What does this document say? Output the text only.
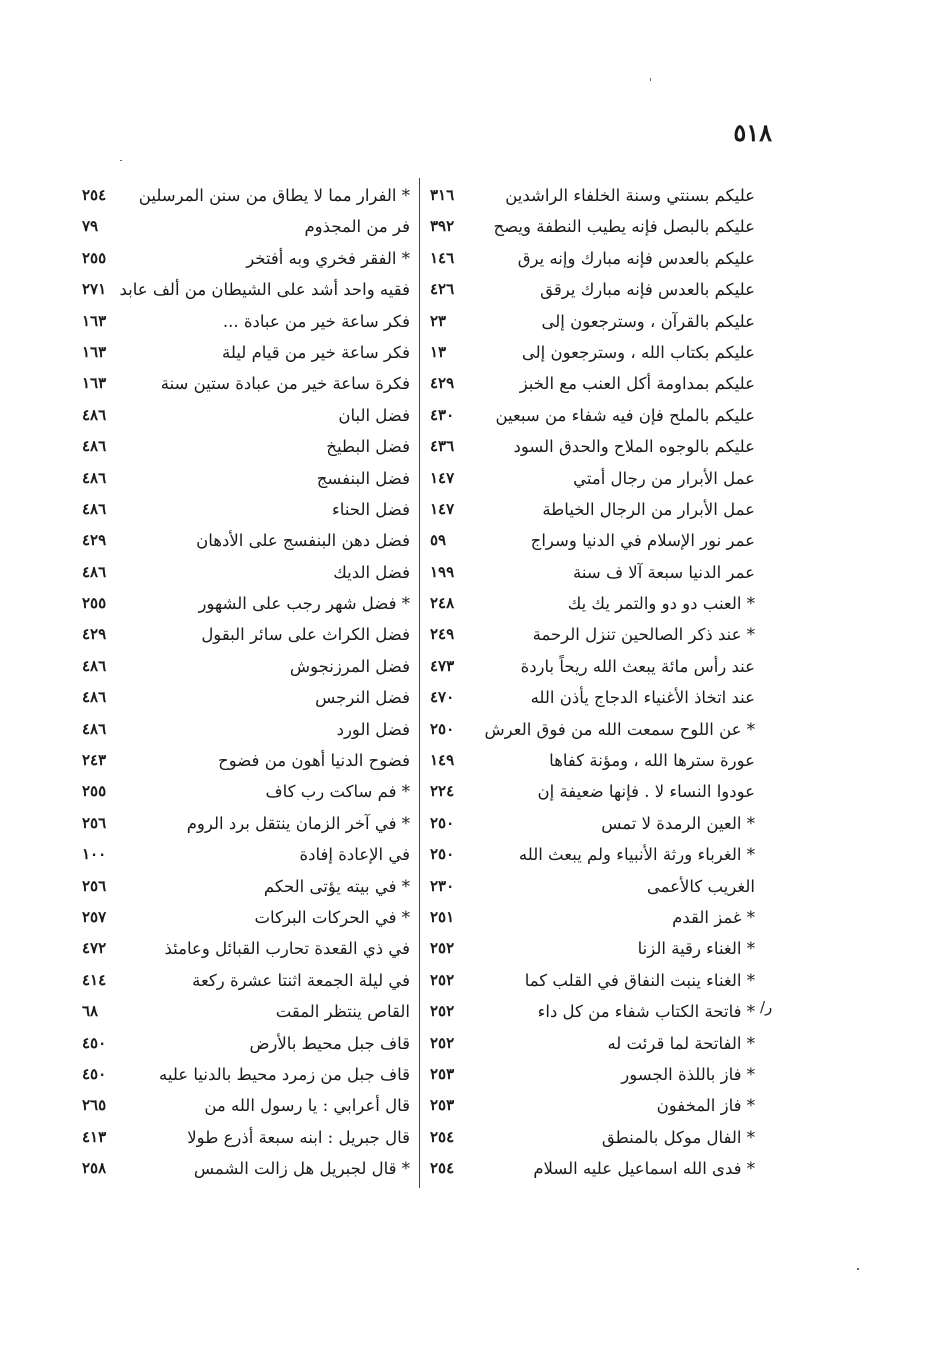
٥١٨
عليكم بسنتي وسنة الخلفاء الراشدين
٣١٦
عليكم بالبصل فإنه يطيب النطفة ويصح
٣٩٢
عليكم بالعدس فإنه مبارك وإنه يرق
١٤٦
عليكم بالعدس فإنه مبارك يرقق
٤٢٦
عليكم بالقرآن ، وسترجعون إلى
٢٣
عليكم بكتاب الله ، وسترجعون إلى
١٣
عليكم بمداومة أكل العنب مع الخبز
٤٢٩
عليكم بالملح فإن فيه شفاء من سبعين
٤٣٠
عليكم بالوجوه الملاح والحدق السود
٤٣٦
عمل الأبرار من رجال أمتي
١٤٧
عمل الأبرار من الرجال الخياطة
١٤٧
عمر نور الإسلام في الدنيا وسراج
٥٩
عمر الدنيا سبعة آلا ف سنة
١٩٩
* العنب دو دو والتمر يك يك
٢٤٨
* عند ذكر الصالحين تنزل الرحمة
٢٤٩
عند رأس مائة يبعث الله ريحاً باردة
٤٧٣
عند اتخاذ الأغنياء الدجاج يأذن الله
٤٧٠
* عن اللوح سمعت الله من فوق العرش
٢٥٠
عورة سترها الله ، ومؤنة كفاها
١٤٩
عودوا النساء لا . فإنها ضعيفة إن
٢٢٤
* العين الرمدة لا تمس
٢٥٠
* الغرباء ورثة الأنبياء ولم يبعث الله
٢٥٠
الغريب كالأعمى
٢٣٠
* غمز القدم
٢٥١
* الغناء رقية الزنا
٢٥٢
* الغناء ينبت النفاق في القلب كما
٢٥٢
* فاتحة الكتاب شفاء من كل داء
٢٥٢
* الفاتحة لما قرئت له
٢٥٢
* فاز باللذة الجسور
٢٥٣
* فاز المخفون
٢٥٣
* الفال موكل بالمنطق
٢٥٤
* فدى الله اسماعيل عليه السلام
٢٥٤
* الفرار مما لا يطاق من سنن المرسلين
٢٥٤
فر من المجذوم
٧٩
* الفقر فخري وبه أفتخر
٢٥٥
فقيه واحد أشد على الشيطان من ألف عابد
٢٧١
فكر ساعة خير من عبادة ...
١٦٣
فكر ساعة خير من قيام ليلة
١٦٣
فكرة ساعة خير من عبادة ستين سنة
١٦٣
فضل البان
٤٨٦
فضل البطيخ
٤٨٦
فضل البنفسج
٤٨٦
فضل الحناء
٤٨٦
فضل دهن البنفسج على الأدهان
٤٢٩
فضل الديك
٤٨٦
* فضل شهر رجب على الشهور
٢٥٥
فضل الكراث على سائر البقول
٤٢٩
فضل المرزنجوش
٤٨٦
فضل النرجس
٤٨٦
فضل الورد
٤٨٦
فضوح الدنيا أهون من فضوح
٢٤٣
* فم ساكت رب كاف
٢٥٥
* في آخر الزمان ينتقل برد الروم
٢٥٦
في الإعادة إفادة
١٠٠
* في بيته يؤتى الحكم
٢٥٦
* في الحركات البركات
٢٥٧
في ذي القعدة تحارب القبائل وعامئذ
٤٧٢
في ليلة الجمعة اثنتا عشرة ركعة
٤١٤
القاص ينتظر المقت
٦٨
قاف جبل محيط بالأرض
٤٥٠
قاف جبل من زمرد محيط بالدنيا عليه
٤٥٠
قال أعرابي : يا رسول الله من
٢٦٥
قال جبريل : ابنه سبعة أذرع طولا
٤١٣
* قال لجبريل هل زالت الشمس
٢٥٨
ر/
